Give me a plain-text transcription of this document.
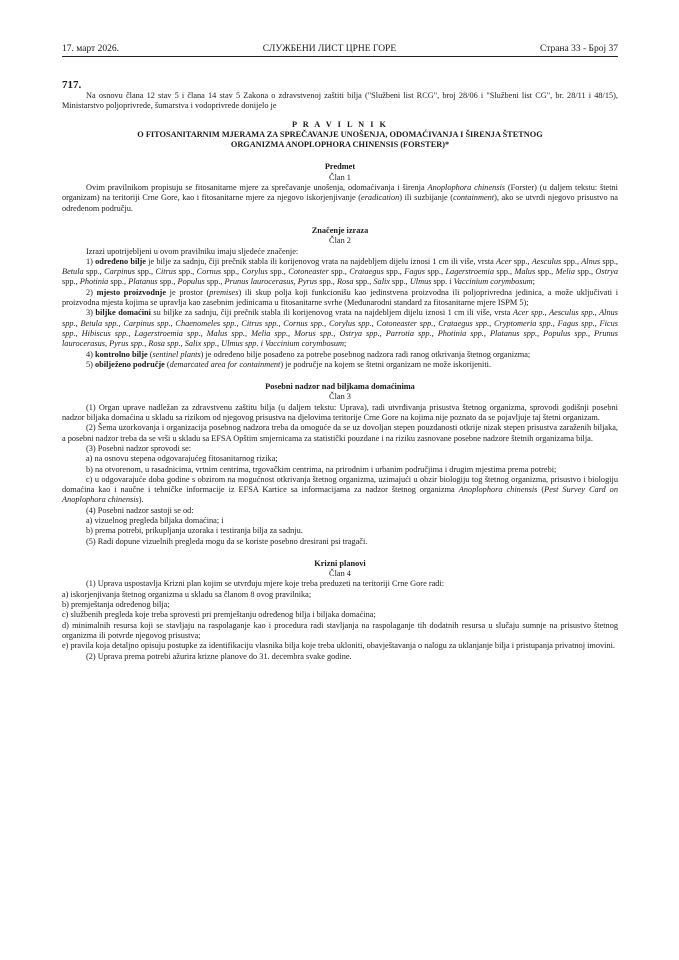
17. март 2026.	СЛУЖБЕНИ ЛИСТ ЦРНЕ ГОРЕ	Страна 33 - Број 37
717.

Na osnovu člana 12 stav 5 i člana 14 stav 5 Zakona o zdravstvenoj zaštiti bilja ("Službeni list RCG", broj 28/06 i "Službeni list CG", br. 28/11 i 48/15), Ministarstvo poljoprivrede, šumarstva i vodoprivrede donijelo je

P R A V I L N I K

O FITOSANITARNIM MJERAMA ZA SPREČAVANJE UNOŠENJA, ODOMAĆIVANJA I ŠIRENJA ŠTETNOG

ORGANIZMA ANOPLOPHORA CHINENSIS (FORSTER)*

Predmet

Član 1

Ovim pravilnikom propisuju se fitosanitarne mjere za sprečavanje unošenja, odomaćivanja i širenja Anoplophora chinensis (Forster) (u daljem tekstu: štetni organizam) na teritoriji Crne Gore, kao i fitosanitarne mjere za njegovo iskorjenjivanje (eradication) ili suzbijanje (containment), ako se utvrdi njegovo prisustvo na određenom području.

Značenje izraza

Član 2

Izrazi upotrijebljeni u ovom pravilniku imaju sljedeće značenje:

1) određeno bilje je bilje za sadnju, čiji prečnik stabla ili korijenovog vrata na najdebljem dijelu iznosi 1 cm ili više, vrsta Acer spp., Aesculus spp., Alnus spp., Betula spp., Carpinus spp., Citrus spp., Cornus spp., Corylus spp., Cotoneaster spp., Crataegus spp., Fagus spp., Lagerstroemia spp., Malus spp., Melia spp., Ostrya spp., Photinia spp., Platanus spp., Populus spp., Prunus laurocerasus, Pyrus spp., Rosa spp., Salix spp., Ulmus spp. i Vaccinium corymbosum;

2) mjesto proizvodnje je prostor (premises) ili skup polja koji funkcionišu kao jedinstvena proizvodna ili poljoprivredna jedinica, a može uključivati i proizvodna mjesta kojima se upravlja kao zasebnim jedinicama u fitosanitarne svrhe (Međunarodni standard za fitosanitarne mjere ISPM 5);

3) biljke domaćini su biljke za sadnju, čiji prečnik stabla ili korijenovog vrata na najdebljem dijelu iznosi 1 cm ili više, vrsta Acer spp., Aesculus spp., Alnus spp., Betula spp., Carpinus spp., Chaenomeles spp., Citrus spp., Cornus spp., Corylus spp., Cotoneaster spp., Crataegus spp., Cryptomeria spp., Fagus spp., Ficus spp., Hibiscus spp., Lagerstroemia spp., Malus spp., Melia spp., Morus spp., Ostrya spp., Parrotia spp., Photinia spp., Platanus spp., Populus spp., Prunus laurocerasus, Pyrus spp., Rosa spp., Salix spp., Ulmus spp. i Vaccinium corymbosum;

4) kontrolno bilje (sentinel plants) je određeno bilje posađeno za potrebe posebnog nadzora radi ranog otkrivanja štetnog organizma;

5) obilježeno područje (demarcated area for containment) je područje na kojem se štetni organizam ne može iskorijeniti.

Posebni nadzor nad biljkama domaćinima

Član 3

(1) Organ uprave nadležan za zdravstvenu zaštitu bilja (u daljem tekstu: Uprava), radi utvrđivanja prisustva štetnog organizma, sprovodi godišnji posebni nadzor biljaka domaćina u skladu sa rizikom od njegovog prisustva na djelovima teritorije Crne Gore na kojima nije poznato da se pojavljuje taj štetni organizam.

(2) Šema uzorkovanja i organizacija posebnog nadzora treba da omoguće da se uz dovoljan stepen pouzdanosti otkrije nizak stepen prisustva zaraženih biljaka, a posebni nadzor treba da se vrši u skladu sa EFSA Opštim smjernicama za statistički pouzdane i na riziku zasnovane posebne nadzore štetnih organizama bilja.

(3) Posebni nadzor sprovodi se:

a) na osnovu stepena odgovarajućeg fitosanitarnog rizika;

b) na otvorenom, u rasadnicima, vrtnim centrima, trgovačkim centrima, na prirodnim i urbanim područjima i drugim mjestima prema potrebi;

c) u odgovarajuće doba godine s obzirom na mogućnost otkrivanja štetnog organizma, uzimajući u obzir biologiju tog štetnog organizma, prisustvo i biologiju domaćina kao i naučne i tehničke informacije iz EFSA Kartice sa informacijama za nadzor štetnog organizma Anoplophora chinensis (Pest Survey Card on Anoplophora chinensis).

(4) Posebni nadzor sastoji se od:

a) vizuelnog pregleda biljaka domaćina; i

b) prema potrebi, prikupljanja uzoraka i testiranja bilja za sadnju.

(5) Radi dopune vizuelnih pregleda mogu da se koriste posebno dresirani psi tragači.

Krizni planovi

Član 4

(1) Uprava uspostavlja Krizni plan kojim se utvrđuju mjere koje treba preduzeti na teritoriji Crne Gore radi:

a) iskorjenjivanja štetnog organizma u skladu sa članom 8 ovog pravilnika;

b) premještanja određenog bilja;

c) službenih pregleda koje treba sprovesti pri premještanju određenog bilja i biljaka domaćina;

d) minimalnih resursa koji se stavljaju na raspolaganje kao i procedura radi stavljanja na raspolaganje tih dodatnih resursa u slučaju sumnje na prisustvo štetnog organizma ili potvrde njegovog prisustva;

e) pravila koja detaljno opisuju postupke za identifikaciju vlasnika bilja koje treba ukloniti, obavještavanja o nalogu za uklanjanje bilja i pristupanja privatnoj imovini.

(2) Uprava prema potrebi ažurira krizne planove do 31. decembra svake godine.
